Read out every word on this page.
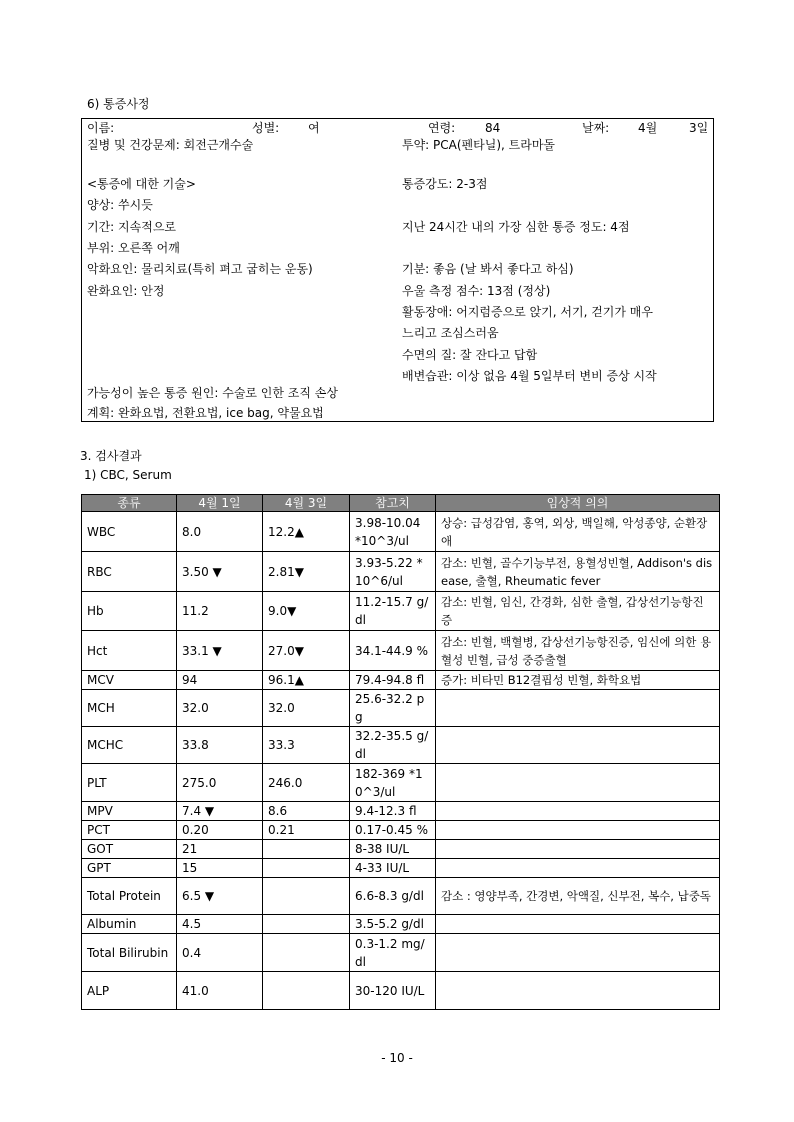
6) 통증사정
이름:	성별: 여	연령: 84	날짜: 4월	3일
질병 및 건강문제: 회전근개수술	투약: PCA(펜타닐), 트라마돌
<통증에 대한 기술>	통증강도: 2-3점
양상: 쑤시듯
기간: 지속적으로	지난 24시간 내의 가장 심한 통증 정도: 4점
부위: 오른쪽 어깨
악화요인: 물리치료(특히 펴고 굽히는 운동)	기분: 좋음 (날 봐서 좋다고 하심)
완화요인: 안정	우울 측정 점수: 13점 (정상)
활동장애: 어지럼증으로 앉기, 서기, 걷기가 매우
느리고 조심스러움
수면의 질: 잘 잔다고 답함
배변습관: 이상 없음 4월 5일부터 변비 증상 시작
가능성이 높은 통증 원인: 수술로 인한 조직 손상
계획: 완화요법, 전환요법, ice bag, 약물요법
3. 검사결과
1) CBC, Serum
종류	4월 1일	4월 3일	참고치	임상적 의의
WBC	8.0	12.2▲	3.98-10.04 *10^3/ul	상승: 급성감염, 홍역, 외상, 백일해, 악성종양, 순환장애
RBC	3.50 ▼	2.81▼	3.93-5.22 *10^6/ul	감소: 빈혈, 골수기능부전, 용혈성빈혈, Addison's disease, 출혈, Rheumatic fever
Hb	11.2	9.0▼	11.2-15.7 g/dl	감소: 빈혈, 임신, 간경화, 심한 출혈, 갑상선기능항진증
Hct	33.1 ▼	27.0▼	34.1-44.9 %	감소: 빈혈, 백혈병, 갑상선기능항진증, 임신에 의한 용혈성 빈혈, 급성 중증출혈
MCV	94	96.1▲	79.4-94.8 fl	증가: 비타민 B12결핍성 빈혈, 화학요법
MCH	32.0	32.0	25.6-32.2 pg	
MCHC	33.8	33.3	32.2-35.5 g/dl	
PLT	275.0	246.0	182-369 *10^3/ul	
MPV	7.4 ▼	8.6	9.4-12.3 fl	
PCT	0.20	0.21	0.17-0.45 %	
GOT	21		8-38 IU/L	
GPT	15		4-33 IU/L	
Total Protein	6.5 ▼		6.6-8.3 g/dl	감소 : 영양부족, 간경변, 악액질, 신부전, 복수, 납중독
Albumin	4.5		3.5-5.2 g/dl	
Total Bilirubin	0.4		0.3-1.2 mg/dl	
ALP	41.0		30-120 IU/L	
- 10 -
